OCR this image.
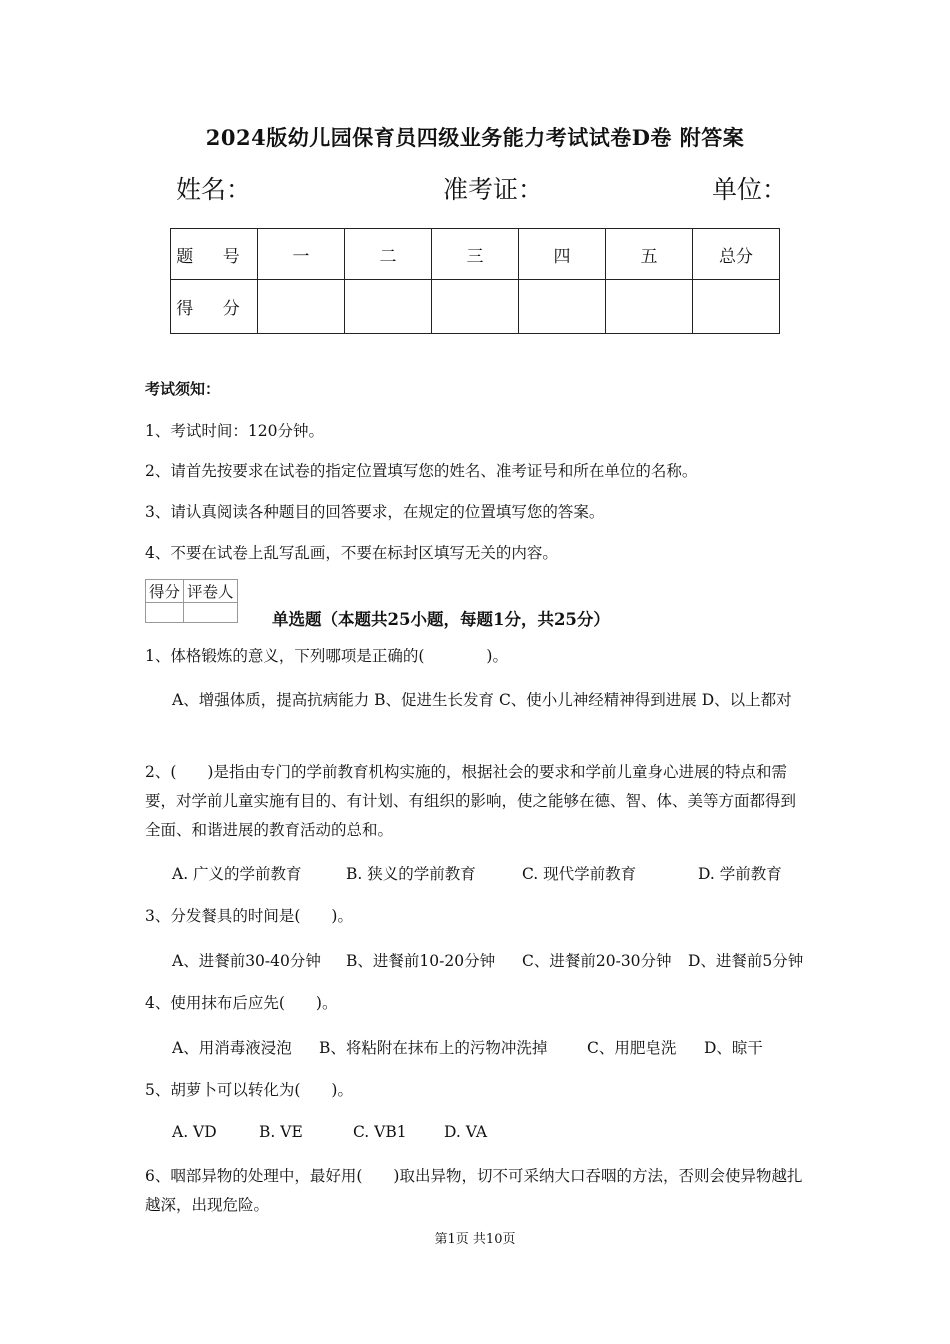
2024版幼儿园保育员四级业务能力考试试卷D卷 附答案
姓名：	准考证：	单位：
题 号	一	二	三	四	五	总分
得 分						
考试须知：
1、考试时间：120分钟。
2、请首先按要求在试卷的指定位置填写您的姓名、准考证号和所在单位的名称。
3、请认真阅读各种题目的回答要求，在规定的位置填写您的答案。
4、不要在试卷上乱写乱画，不要在标封区填写无关的内容。
得分	评卷人

单选题（本题共25小题，每题1分，共25分）
1、体格锻炼的意义，下列哪项是正确的(　　　　)。
A、增强体质，提高抗病能力 B、促进生长发育 C、使小儿神经精神得到进展 D、以上都对
2、(　　)是指由专门的学前教育机构实施的，根据社会的要求和学前儿童身心进展的特点和需要，对学前儿童实施有目的、有计划、有组织的影响，使之能够在德、智、体、美等方面都得到全面、和谐进展的教育活动的总和。
A. 广义的学前教育	B. 狭义的学前教育	C. 现代学前教育	D. 学前教育
3、分发餐具的时间是(　　)。
A、进餐前30-40分钟 B、进餐前10-20分钟 C、进餐前20-30分钟 D、进餐前5分钟
4、使用抹布后应先(　　)。
A、用消毒液浸泡 B、将粘附在抹布上的污物冲洗掉	C、用肥皂洗 D、晾干
5、胡萝卜可以转化为(　　)。
A. VD	B. VE	C. VB1 D. VA
6、咽部异物的处理中，最好用(　　)取出异物，切不可采纳大口吞咽的方法，否则会使异物越扎越深，出现危险。
第1页 共10页
